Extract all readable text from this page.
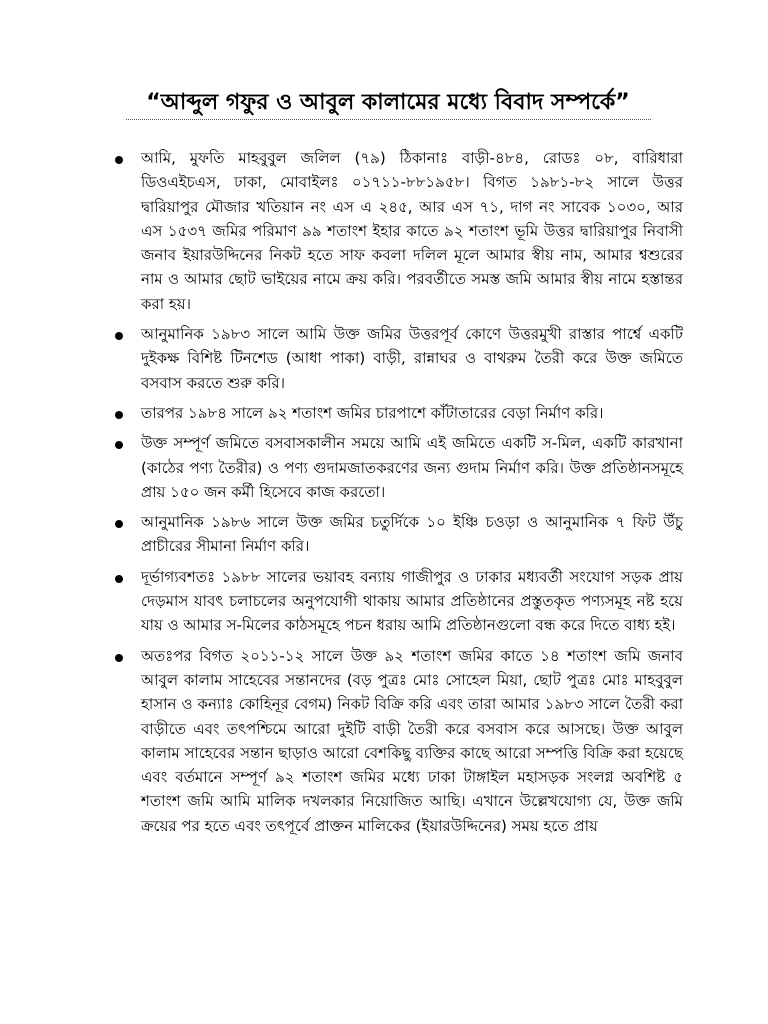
“আব্দুল গফুর ও আবুল কালামের মধ্যে বিবাদ সম্পর্কে”
আমি, মুফতি মাহবুবুল জলিল (৭৯) ঠিকানাঃ বাড়ী-৪৮৪, রোডঃ ০৮, বারিধারা ডিওএইচএস, ঢাকা, মোবাইলঃ ০১৭১১-৮৮১৯৫৮। বিগত ১৯৮১-৮২ সালে উত্তর দ্বারিয়াপুর মৌজার খতিয়ান নং এস এ ২৪৫, আর এস ৭১, দাগ নং সাবেক ১০৩০, আর এস ১৫৩৭ জমির পরিমাণ ৯৯ শতাংশ ইহার কাতে ৯২ শতাংশ ভূমি উত্তর দ্বারিয়াপুর নিবাসী জনাব ইয়ারউদ্দিনের নিকট হতে সাফ কবলা দলিল মূলে আমার স্বীয় নাম, আমার শ্বশুরের নাম ও আমার ছোট ভাইয়ের নামে ক্রয় করি। পরবর্তীতে সমস্ত জমি আমার স্বীয় নামে হস্তান্তর করা হয়।
আনুমানিক ১৯৮৩ সালে আমি উক্ত জমির উত্তরপূর্ব কোণে উত্তরমুখী রাস্তার পার্শ্বে একটি দুইকক্ষ বিশিষ্ট টিনশেড (আধা পাকা) বাড়ী, রান্নাঘর ও বাথরুম তৈরী করে উক্ত জমিতে বসবাস করতে শুরু করি।
তারপর ১৯৮৪ সালে ৯২ শতাংশ জমির চারপাশে কাঁটাতারের বেড়া নির্মাণ করি।
উক্ত সম্পূর্ণ জমিতে বসবাসকালীন সময়ে আমি এই জমিতে একটি স-মিল, একটি কারখানা (কাঠের পণ্য তৈরীর) ও পণ্য গুদামজাতকরণের জন্য গুদাম নির্মাণ করি। উক্ত প্রতিষ্ঠানসমূহে প্রায় ১৫০ জন কর্মী হিসেবে কাজ করতো।
আনুমানিক ১৯৮৬ সালে উক্ত জমির চতুর্দিকে ১০ ইঞ্চি চওড়া ও আনুমানিক ৭ ফিট উঁচু প্রাচীরের সীমানা নির্মাণ করি।
দূর্ভাগ্যবশতঃ ১৯৮৮ সালের ভয়াবহ বন্যায় গাজীপুর ও ঢাকার মধ্যবর্তী সংযোগ সড়ক প্রায় দেড়মাস যাবৎ চলাচলের অনুপযোগী থাকায় আমার প্রতিষ্ঠানের প্রস্তুতকৃত পণ্যসমূহ নষ্ট হয়ে যায় ও আমার স-মিলের কাঠসমূহে পচন ধরায় আমি প্রতিষ্ঠানগুলো বন্ধ করে দিতে বাধ্য হই।
অতঃপর বিগত ২০১১-১২ সালে উক্ত ৯২ শতাংশ জমির কাতে ১৪ শতাংশ জমি জনাব আবুল কালাম সাহেবের সন্তানদের (বড় পুত্রঃ মোঃ সোহেল মিয়া, ছোট পুত্রঃ মোঃ মাহবুবুল হাসান ও কন্যাঃ কোহিনূর বেগম) নিকট বিক্রি করি এবং তারা আমার ১৯৮৩ সালে তৈরী করা বাড়ীতে এবং তৎপশ্চিমে আরো দুইটি বাড়ী তৈরী করে বসবাস করে আসছে। উক্ত আবুল কালাম সাহেবের সন্তান ছাড়াও আরো বেশকিছু ব্যক্তির কাছে আরো সম্পত্তি বিক্রি করা হয়েছে এবং বর্তমানে সম্পূর্ণ ৯২ শতাংশ জমির মধ্যে ঢাকা টাঙ্গাইল মহাসড়ক সংলগ্ন অবশিষ্ট ৫ শতাংশ জমি আমি মালিক দখলকার নিয়োজিত আছি। এখানে উল্লেখযোগ্য যে, উক্ত জমি ক্রয়ের পর হতে এবং তৎপূর্বে প্রাক্তন মালিকের (ইয়ারউদ্দিনের) সময় হতে প্রায়
